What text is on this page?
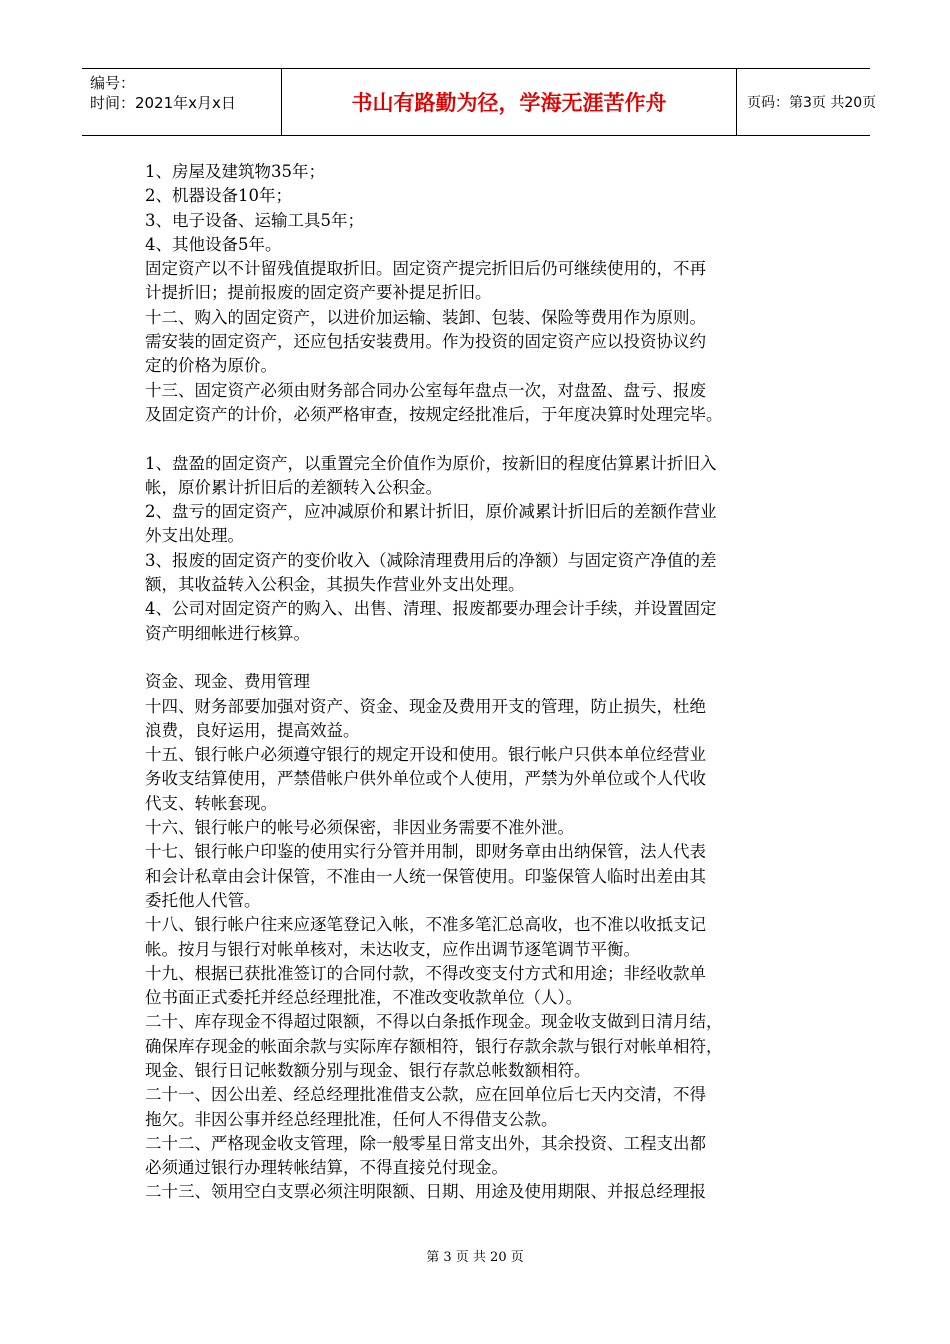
编号：
时间：2021年x月x日	书山有路勤为径，学海无涯苦作舟	页码：第3页 共20页
1、房屋及建筑物35年；
2、机器设备10年；
3、电子设备、运输工具5年；
4、其他设备5年。
固定资产以不计留残值提取折旧。固定资产提完折旧后仍可继续使用的，不再
计提折旧；提前报废的固定资产要补提足折旧。
十二、购入的固定资产，以进价加运输、装卸、包装、保险等费用作为原则。
需安装的固定资产，还应包括安装费用。作为投资的固定资产应以投资协议约
定的价格为原价。
十三、固定资产必须由财务部合同办公室每年盘点一次，对盘盈、盘亏、报废
及固定资产的计价，必须严格审查，按规定经批准后，于年度决算时处理完毕。
1、盘盈的固定资产，以重置完全价值作为原价，按新旧的程度估算累计折旧入
帐，原价累计折旧后的差额转入公积金。
2、盘亏的固定资产，应冲减原价和累计折旧，原价减累计折旧后的差额作营业
外支出处理。
3、报废的固定资产的变价收入（减除清理费用后的净额）与固定资产净值的差
额，其收益转入公积金，其损失作营业外支出处理。
4、公司对固定资产的购入、出售、清理、报废都要办理会计手续，并设置固定
资产明细帐进行核算。
资金、现金、费用管理
十四、财务部要加强对资产、资金、现金及费用开支的管理，防止损失，杜绝
浪费，良好运用，提高效益。
十五、银行帐户必须遵守银行的规定开设和使用。银行帐户只供本单位经营业
务收支结算使用，严禁借帐户供外单位或个人使用，严禁为外单位或个人代收
代支、转帐套现。
十六、银行帐户的帐号必须保密，非因业务需要不准外泄。
十七、银行帐户印鉴的使用实行分管并用制，即财务章由出纳保管，法人代表
和会计私章由会计保管，不准由一人统一保管使用。印鉴保管人临时出差由其
委托他人代管。
十八、银行帐户往来应逐笔登记入帐，不准多笔汇总高收，也不准以收抵支记
帐。按月与银行对帐单核对，未达收支，应作出调节逐笔调节平衡。
十九、根据已获批准签订的合同付款，不得改变支付方式和用途；非经收款单
位书面正式委托并经总经理批准，不准改变收款单位（人）。
二十、库存现金不得超过限额，不得以白条抵作现金。现金收支做到日清月结，
确保库存现金的帐面余款与实际库存额相符，银行存款余款与银行对帐单相符，
现金、银行日记帐数额分别与现金、银行存款总帐数额相符。
二十一、因公出差、经总经理批准借支公款，应在回单位后七天内交清，不得
拖欠。非因公事并经总经理批准，任何人不得借支公款。
二十二、严格现金收支管理，除一般零星日常支出外，其余投资、工程支出都
必须通过银行办理转帐结算，不得直接兑付现金。
二十三、领用空白支票必须注明限额、日期、用途及使用期限、并报总经理报
第 3 页 共 20 页
